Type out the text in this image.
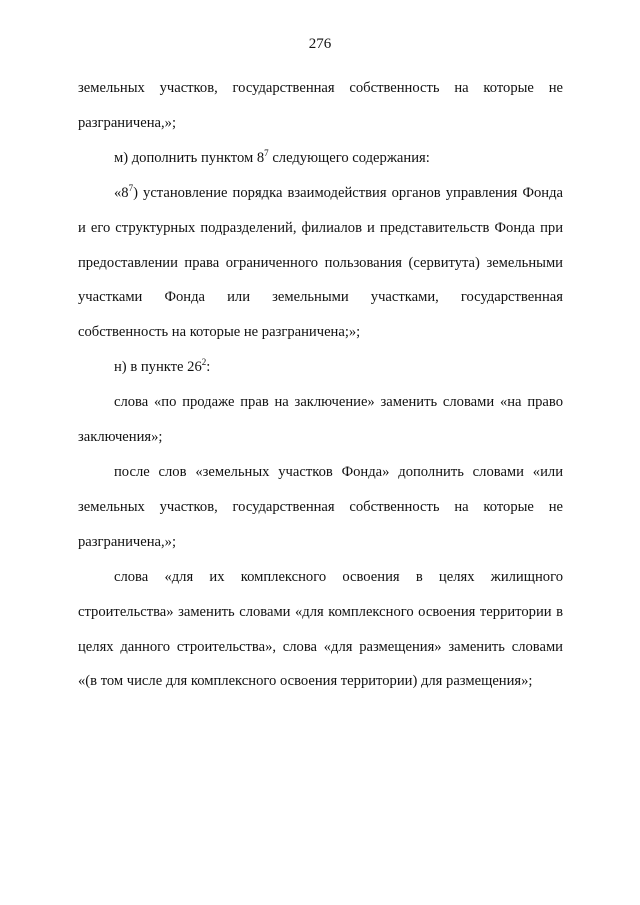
276

земельных участков, государственная собственность на которые не разграничена,»;

м) дополнить пунктом $8^7$ следующего содержания:

«$8^7$) установление порядка взаимодействия органов управления Фонда и его структурных подразделений, филиалов и представительств Фонда при предоставлении права ограниченного пользования (сервитута) земельными участками Фонда или земельными участками, государственная собственность на которые не разграничена;»;

н) в пункте $26^2$:

слова «по продаже прав на заключение» заменить словами «на право заключения»;

после слов «земельных участков Фонда» дополнить словами «или земельных участков, государственная собственность на которые не разграничена,»;

слова «для их комплексного освоения в целях жилищного строительства» заменить словами «для комплексного освоения территории в целях данного строительства», слова «для размещения» заменить словами «(в том числе для комплексного освоения территории) для размещения»;
